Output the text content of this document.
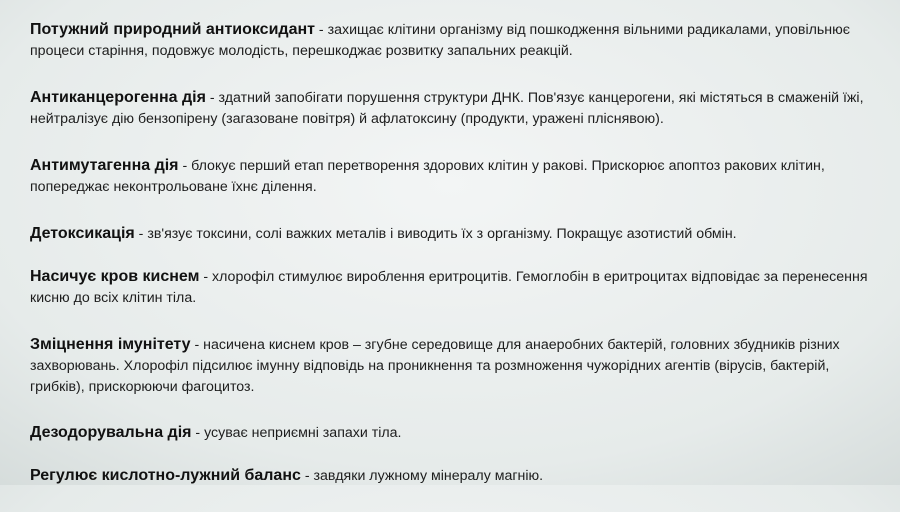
Потужний природний антиоксидант - захищає клітини організму від пошкодження вільними радикалами, уповільнює процеси старіння, подовжує молодість, перешкоджає розвитку запальних реакцій.

Антиканцерогенна дія - здатний запобігати порушення структури ДНК. Пов'язує канцерогени, які містяться в смаженій їжі, нейтралізує дію бензопірену (загазоване повітря) й афлатоксину (продукти, уражені пліснявою).

Антимутагенна дія - блокує перший етап перетворення здорових клітин у ракові. Прискорює апоптоз ракових клітин, попереджає неконтрольоване їхнє ділення.

Детоксикація - зв'язує токсини, солі важких металів і виводить їх з організму. Покращує азотистий обмін.

Насичує кров киснем - хлорофіл стимулює вироблення еритроцитів. Гемоглобін в еритроцитах відповідає за перенесення кисню до всіх клітин тіла.

Зміцнення імунітету - насичена киснем кров – згубне середовище для анаеробних бактерій, головних збудників різних захворювань. Хлорофіл підсилює імунну відповідь на проникнення та розмноження чужорідних агентів (вірусів, бактерій, грибків), прискорюючи фагоцитоз.

Дезодорувальна дія - усуває неприємні запахи тіла.

Регулює кислотно-лужний баланс - завдяки лужному мінералу магнію.
